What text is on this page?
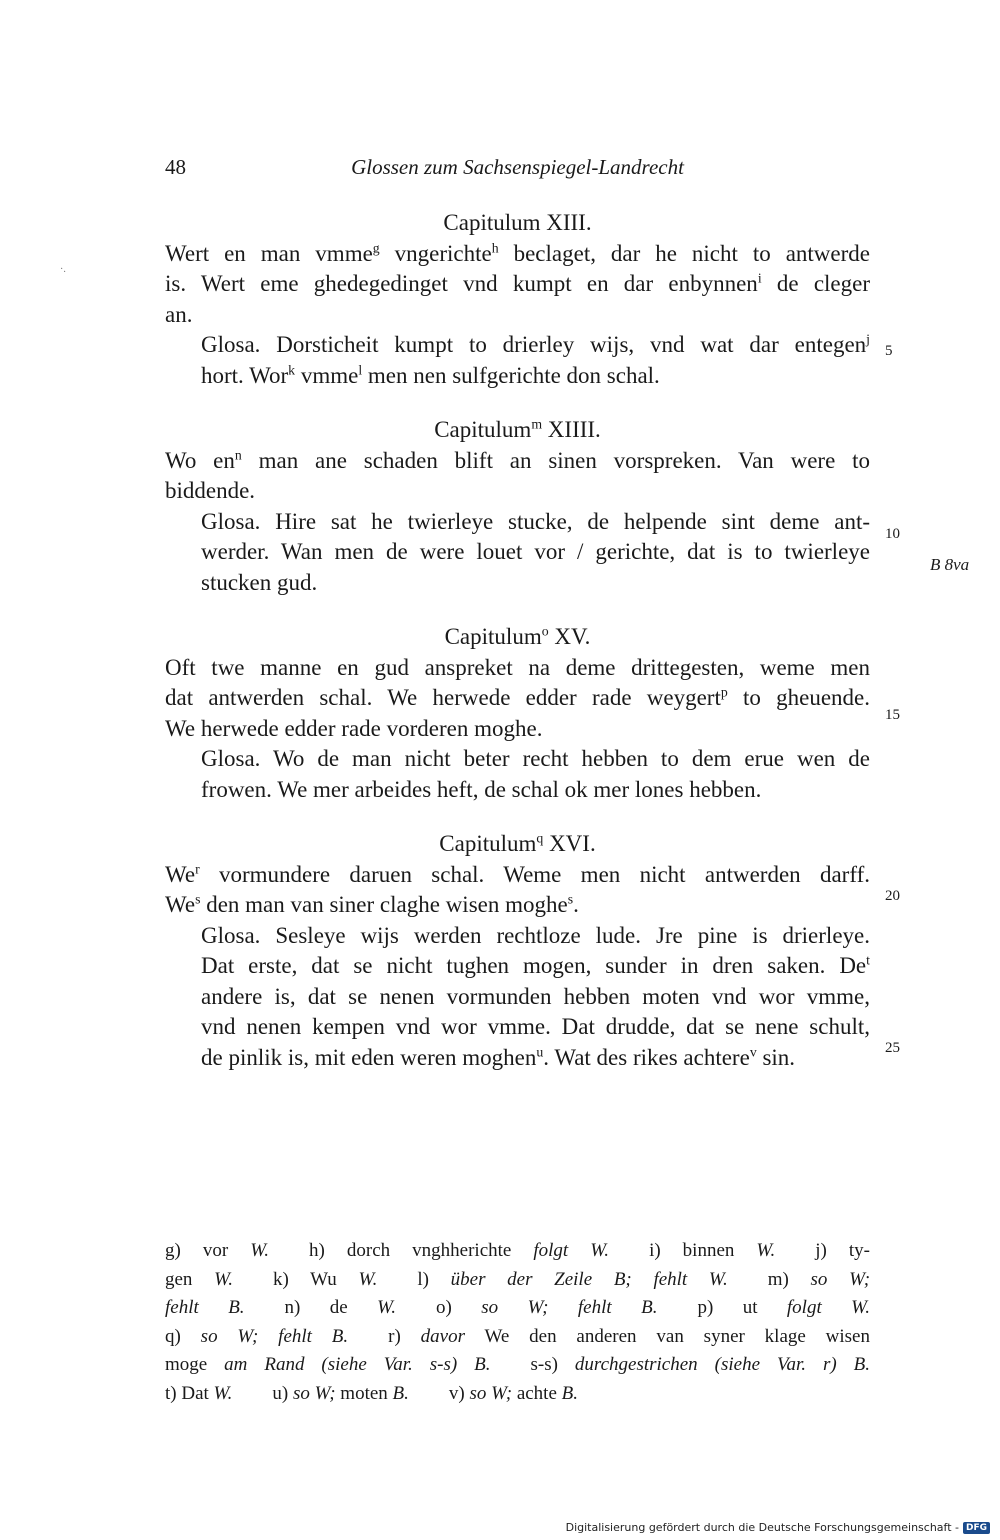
48	Glossen zum Sachsenspiegel-Landrecht
·.
Capitulum XIII.

Wert en man vmme$^g$ vngerichte$^h$ beclaget, dar he nicht to antwerde
is. Wert eme ghedegedinget vnd kumpt en dar enbynnen$^i$ de cleger
an.

Glosa. Dorsticheit kumpt to drierley wijs, vnd wat dar entegen$^j$
hort. Wor$^k$ vmme$^l$ men nen sulfgerichte don schal.

Capitulum$^m$ XIIII.

Wo $en^n$ man ane schaden blift an sinen vorspreken. Van were to
biddende.

Glosa. Hire sat he twierleye stucke, de helpende sint deme ant-
werder. Wan men de were louet vor / gerichte, dat is to twierleye
stucken gud.

Capitulum$^o$ XV.

Oft twe manne en gud anspreket na deme drittegesten, weme men
dat antwerden schal. We herwede edder rade weygert$^p$ to gheuende.
We herwede edder rade vorderen moghe.

Glosa. Wo de man nicht beter recht hebben to dem erue wen de
frowen. We mer arbeides heft, de schal ok mer lones hebben.

Capitulum$^q$ XVI.

We$^r$ vormundere daruen schal. Weme men nicht antwerden darff.
We$^s$ den man van siner claghe wisen moghe$^s$.

Glosa. Sesleye wijs werden rechtloze lude. Jre pine is drierleye.
Dat erste, dat se nicht tughen mogen, sunder in dren saken. De$^t$
andere is, dat se nenen vormunden hebben moten vnd wor vmme,
vnd nenen kempen vnd wor vmme. Dat drudde, dat se nene schult,
de pinlik is, mit eden weren moghen$^u$. Wat des rikes achtere$^v$ sin.

5
10
15
20
25
B 8va
g) vor W. h) dorch vnghherichte folgt W. i) binnen W. j) ty-
gen W. k) Wu W. l) über der Zeile B; fehlt W. m) so W;
fehlt B. n) de W. o) so W; fehlt B. p) ut folgt W.
q) so W; fehlt B. r) davor We den anderen van syner klage wisen
moge am Rand (siehe Var. s-s) B. s-s) durchgestrichen (siehe Var. r) B.
t) Dat W. u) so W; moten B. v) so W; achte B.
Digitalisierung gefördert durch die Deutsche Forschungsgemeinschaft - DFG
